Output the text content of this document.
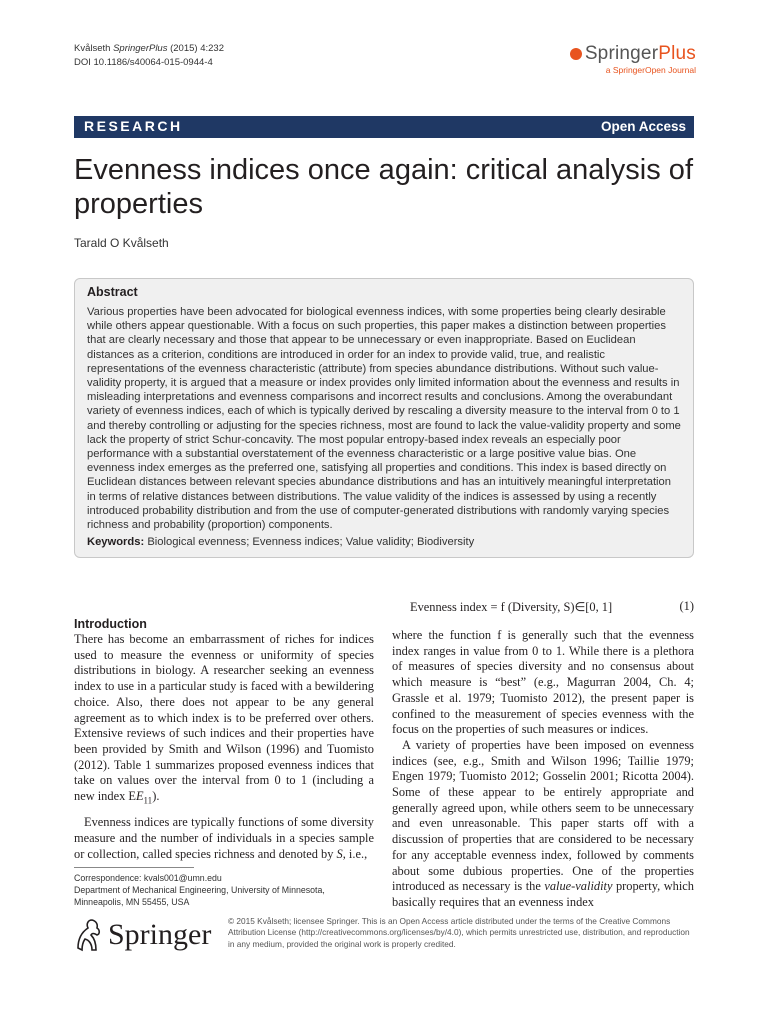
Kvålseth SpringerPlus (2015) 4:232
DOI 10.1186/s40064-015-0944-4	SpringerPlus
a SpringerOpen Journal
RESEARCH	Open Access
Evenness indices once again: critical analysis of properties
Tarald O Kvålseth
Abstract

Various properties have been advocated for biological evenness indices, with some properties being clearly desirable while others appear questionable. With a focus on such properties, this paper makes a distinction between properties that are clearly necessary and those that appear to be unnecessary or even inappropriate. Based on Euclidean distances as a criterion, conditions are introduced in order for an index to provide valid, true, and realistic representations of the evenness characteristic (attribute) from species abundance distributions. Without such value-validity property, it is argued that a measure or index provides only limited information about the evenness and results in misleading interpretations and evenness comparisons and incorrect results and conclusions. Among the overabundant variety of evenness indices, each of which is typically derived by rescaling a diversity measure to the interval from 0 to 1 and thereby controlling or adjusting for the species richness, most are found to lack the value-validity property and some lack the property of strict Schur-concavity. The most popular entropy-based index reveals an especially poor performance with a substantial overstatement of the evenness characteristic or a large positive value bias. One evenness index emerges as the preferred one, satisfying all properties and conditions. This index is based directly on Euclidean distances between relevant species abundance distributions and has an intuitively meaningful interpretation in terms of relative distances between distributions. The value validity of the indices is assessed by using a recently introduced probability distribution and from the use of computer-generated distributions with randomly varying species richness and probability (proportion) components.

Keywords: Biological evenness; Evenness indices; Value validity; Biodiversity
Introduction

There has become an embarrassment of riches for indices used to measure the evenness or uniformity of species distributions in biology. A researcher seeking an evenness index to use in a particular study is faced with a bewildering choice. Also, there does not appear to be any general agreement as to which index is to be preferred over others. Extensive reviews of such indices and their properties have been provided by Smith and Wilson (1996) and Tuomisto (2012). Table 1 summarizes proposed evenness indices that take on values over the interval from 0 to 1 (including a new index $EE_{11}$).

Evenness indices are typically functions of some diversity measure and the number of individuals in a species sample or collection, called species richness and denoted by S, i.e.,

Evenness index = f (Diversity, S)∈[0, 1]	(1)

where the function f is generally such that the evenness index ranges in value from 0 to 1. While there is a plethora of measures of species diversity and no consensus about which measure is “best” (e.g., Magurran 2004, Ch. 4; Grassle et al. 1979; Tuomisto 2012), the present paper is confined to the measurement of species evenness with the focus on the properties of such measures or indices.

A variety of properties have been imposed on evenness indices (see, e.g., Smith and Wilson 1996; Taillie 1979; Engen 1979; Tuomisto 2012; Gosselin 2001; Ricotta 2004). Some of these appear to be entirely appropriate and generally agreed upon, while others seem to be unnecessary and even unreasonable. This paper starts off with a discussion of properties that are considered to be necessary for any acceptable evenness index, followed by comments about some dubious properties. One of the properties introduced as necessary is the value-validity property, which basically requires that an evenness index

Correspondence: kvals001@umn.edu
Department of Mechanical Engineering, University of Minnesota,
Minneapolis, MN 55455, USA
Springer © 2015 Kvålseth; licensee Springer. This is an Open Access article distributed under the terms of the Creative Commons Attribution License (http://creativecommons.org/licenses/by/4.0), which permits unrestricted use, distribution, and reproduction in any medium, provided the original work is properly credited.
